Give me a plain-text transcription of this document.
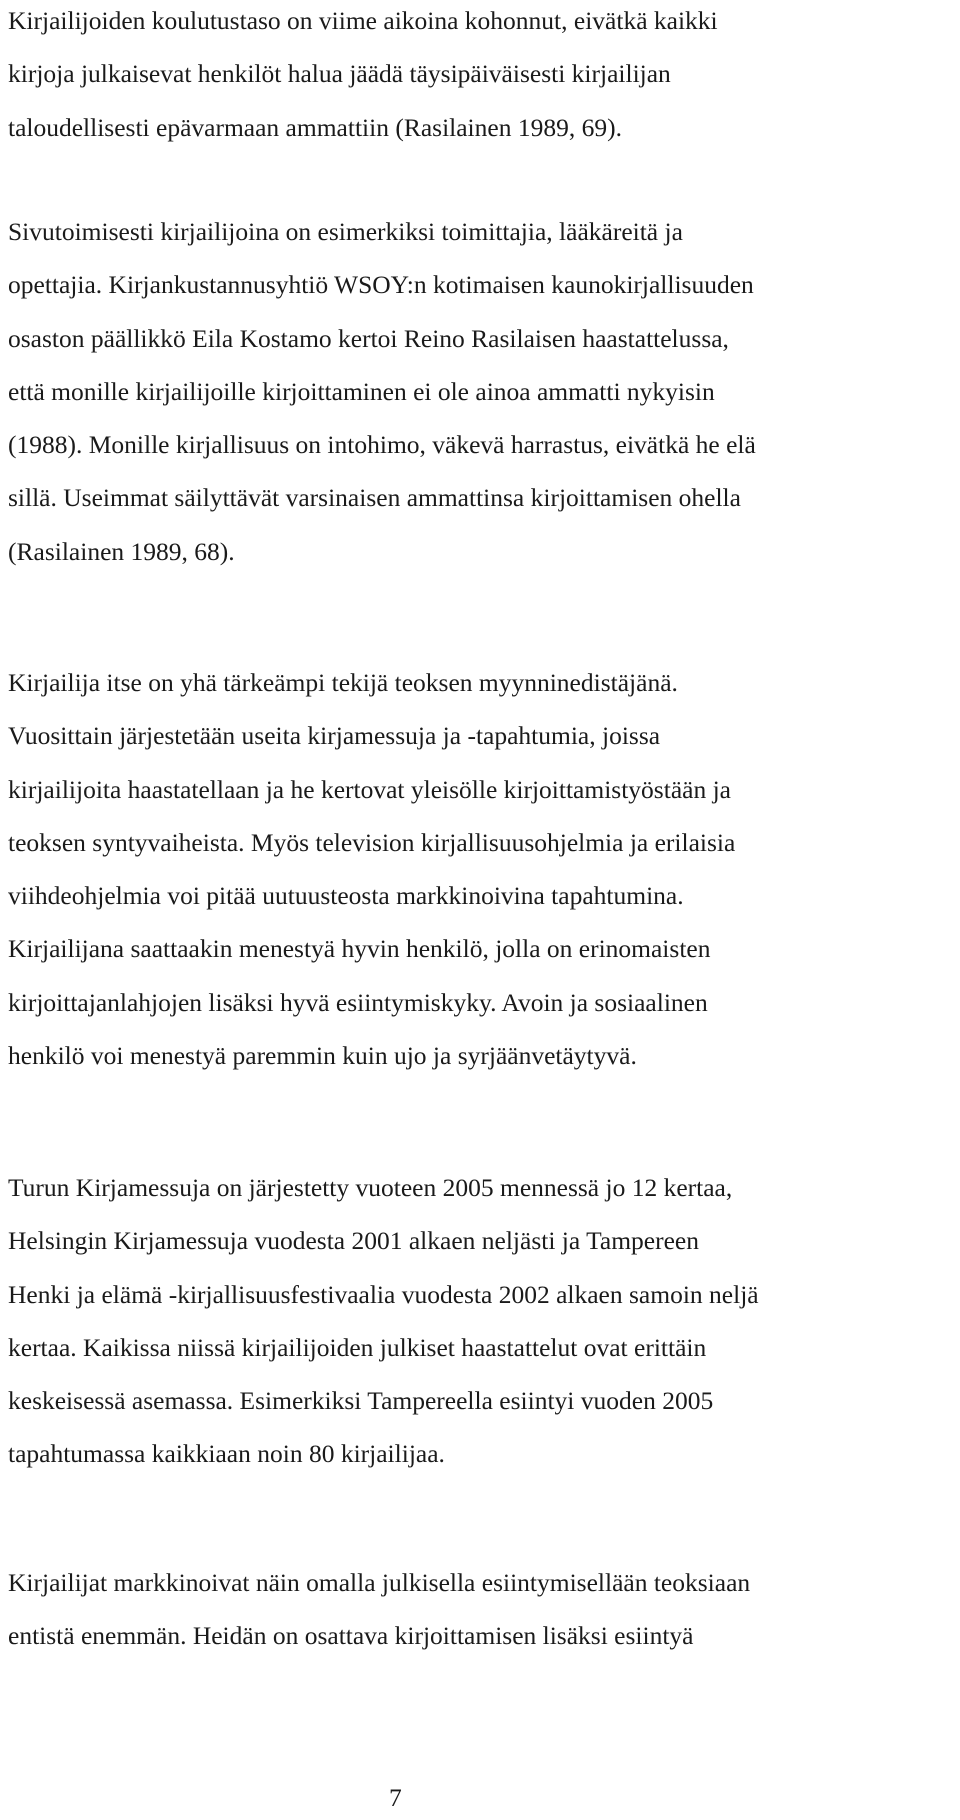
Kirjailijoiden koulutustaso on viime aikoina kohonnut, eivätkä kaikki
kirjoja julkaisevat henkilöt halua jäädä täysipäiväisesti kirjailijan
taloudellisesti epävarmaan ammattiin (Rasilainen 1989, 69).

Sivutoimisesti kirjailijoina on esimerkiksi toimittajia, lääkäreitä ja
opettajia. Kirjankustannusyhtiö WSOY:n kotimaisen kaunokirjallisuuden
osaston päällikkö Eila Kostamo kertoi Reino Rasilaisen haastattelussa,
että monille kirjailijoille kirjoittaminen ei ole ainoa ammatti nykyisin
(1988). Monille kirjallisuus on intohimo, väkevä harrastus, eivätkä he elä
sillä. Useimmat säilyttävät varsinaisen ammattinsa kirjoittamisen ohella
(Rasilainen 1989, 68).

Kirjailija itse on yhä tärkeämpi tekijä teoksen myynninedistäjänä.
Vuosittain järjestetään useita kirjamessuja ja -tapahtumia, joissa
kirjailijoita haastatellaan ja he kertovat yleisölle kirjoittamistyöstään ja
teoksen syntyvaiheista. Myös television kirjallisuusohjelmia ja erilaisia
viihdeohjelmia voi pitää uutuusteosta markkinoivina tapahtumina.
Kirjailijana saattaakin menestyä hyvin henkilö, jolla on erinomaisten
kirjoittajanlahjojen lisäksi hyvä esiintymiskyky. Avoin ja sosiaalinen
henkilö voi menestyä paremmin kuin ujo ja syrjäänvetäytyvä.

Turun Kirjamessuja on järjestetty vuoteen 2005 mennessä jo 12 kertaa,
Helsingin Kirjamessuja vuodesta 2001 alkaen neljästi ja Tampereen
Henki ja elämä -kirjallisuusfestivaalia vuodesta 2002 alkaen samoin neljä
kertaa. Kaikissa niissä kirjailijoiden julkiset haastattelut ovat erittäin
keskeisessä asemassa. Esimerkiksi Tampereella esiintyi vuoden 2005
tapahtumassa kaikkiaan noin 80 kirjailijaa.

Kirjailijat markkinoivat näin omalla julkisella esiintymisellään teoksiaan
entistä enemmän. Heidän on osattava kirjoittamisen lisäksi esiintyä

7
